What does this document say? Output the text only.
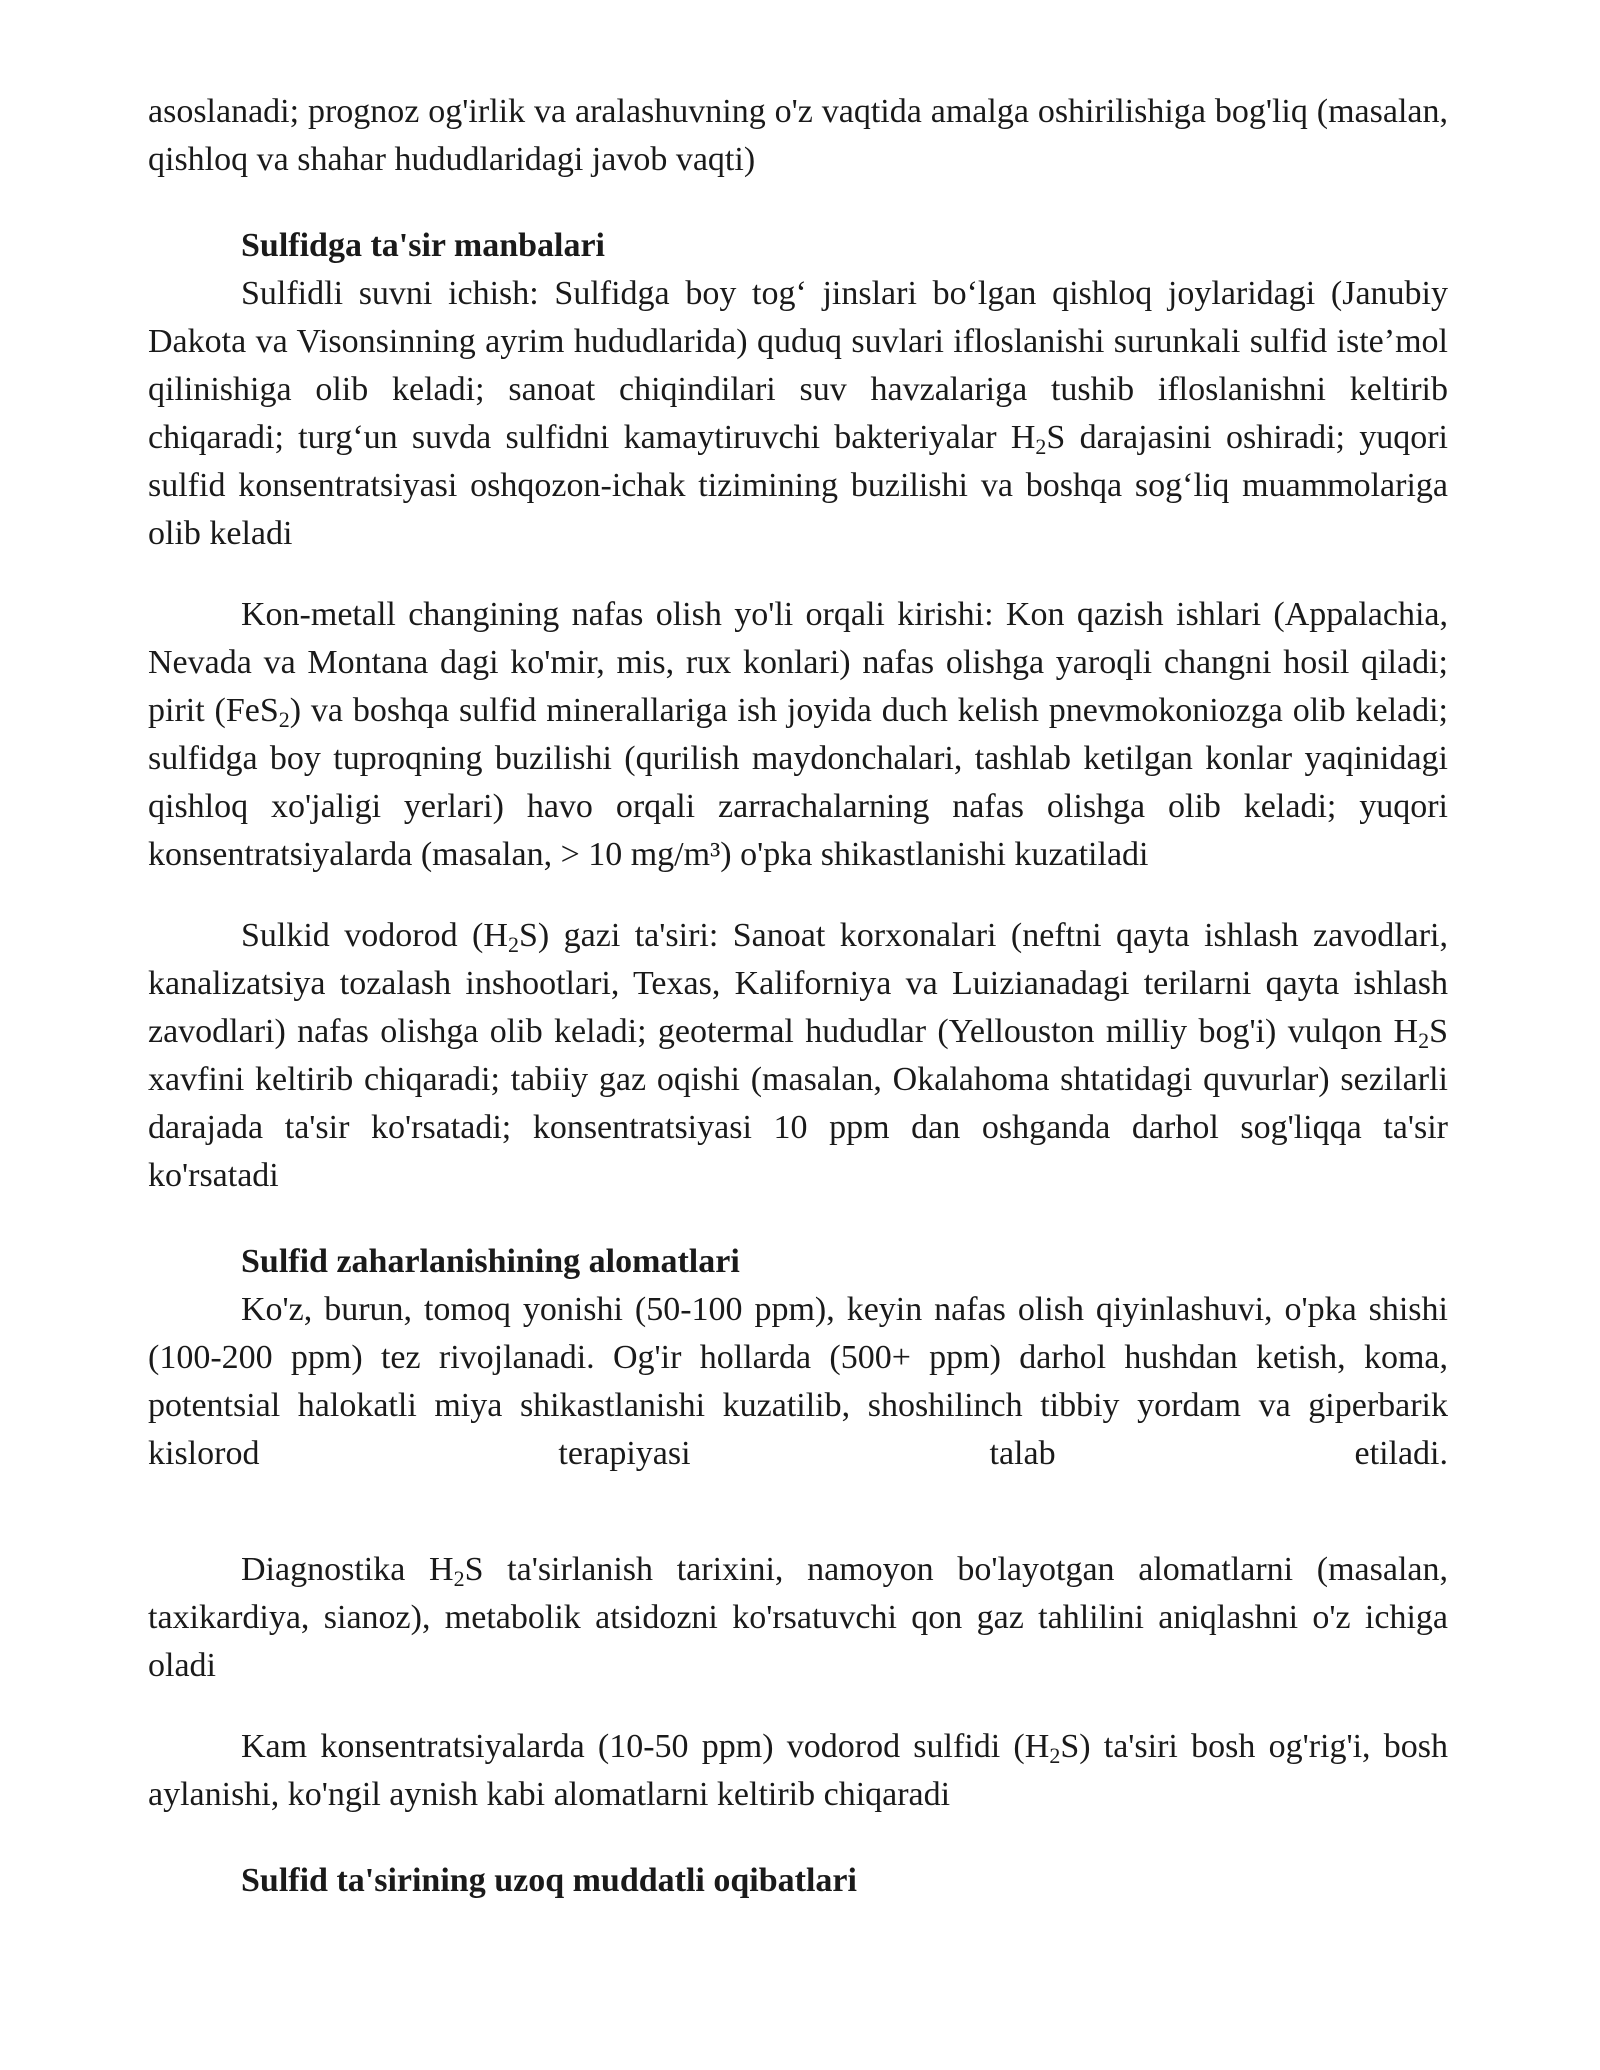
asoslanadi; prognoz og'irlik va aralashuvning o'z vaqtida amalga oshirilishiga bog'liq (masalan, qishloq va shahar hududlaridagi javob vaqti)

Sulfidga ta'sir manbalari

Sulfidli suvni ichish: Sulfidga boy tog‘ jinslari bo‘lgan qishloq joylaridagi (Janubiy Dakota va Visonsinning ayrim hududlarida) quduq suvlari ifloslanishi surunkali sulfid iste’mol qilinishiga olib keladi; sanoat chiqindilari suv havzalariga tushib ifloslanishni keltirib chiqaradi; turg‘un suvda sulfidni kamaytiruvchi bakteriyalar $H_2S$ darajasini oshiradi; yuqori sulfid konsentratsiyasi oshqozon-ichak tizimining buzilishi va boshqa sog‘liq muammolariga olib keladi

Kon-metall changining nafas olish yo'li orqali kirishi: Kon qazish ishlari (Appalachia, Nevada va Montana dagi ko'mir, mis, rux konlari) nafas olishga yaroqli changni hosil qiladi; pirit (FeS$_2$) va boshqa sulfid minerallariga ish joyida duch kelish pnevmokoniozga olib keladi; sulfidga boy tuproqning buzilishi (qurilish maydonchalari, tashlab ketilgan konlar yaqinidagi qishloq xo'jaligi yerlari) havo orqali zarrachalarning nafas olishga olib keladi; yuqori konsentratsiyalarda (masalan, > 10 mg/m³) o'pka shikastlanishi kuzatiladi

Sulkid vodorod $(H_2S)$ gazi ta'siri: Sanoat korxonalari (neftni qayta ishlash zavodlari, kanalizatsiya tozalash inshootlari, Texas, Kaliforniya va Luizianadagi terilarni qayta ishlash zavodlari) nafas olishga olib keladi; geotermal hududlar (Yellouston milliy bog'i) vulqon $H_2S$ xavfini keltirib chiqaradi; tabiiy gaz oqishi (masalan, Okalahoma shtatidagi quvurlar) sezilarli darajada ta'sir ko'rsatadi; konsentratsiyasi 10 ppm dan oshganda darhol sog'liqqa ta'sir ko'rsatadi

Sulfid zaharlanishining alomatlari

Ko'z, burun, tomoq yonishi (50-100 ppm), keyin nafas olish qiyinlashuvi, o'pka shishi (100-200 ppm) tez rivojlanadi. Og'ir hollarda (500+ ppm) darhol hushdan ketish, koma, potentsial halokatli miya shikastlanishi kuzatilib, shoshilinch tibbiy yordam va giperbarik kislorod terapiyasi talab etiladi.

Diagnostika $H_2S$ ta'sirlanish tarixini, namoyon bo'layotgan alomatlarni (masalan, taxikardiya, sianoz), metabolik atsidozni ko'rsatuvchi qon gaz tahlilini aniqlashni o'z ichiga oladi

Kam konsentratsiyalarda (10-50 ppm) vodorod sulfidi $(H_2S)$ ta'siri bosh og'rig'i, bosh aylanishi, ko'ngil aynish kabi alomatlarni keltirib chiqaradi

Sulfid ta'sirining uzoq muddatli oqibatlari
